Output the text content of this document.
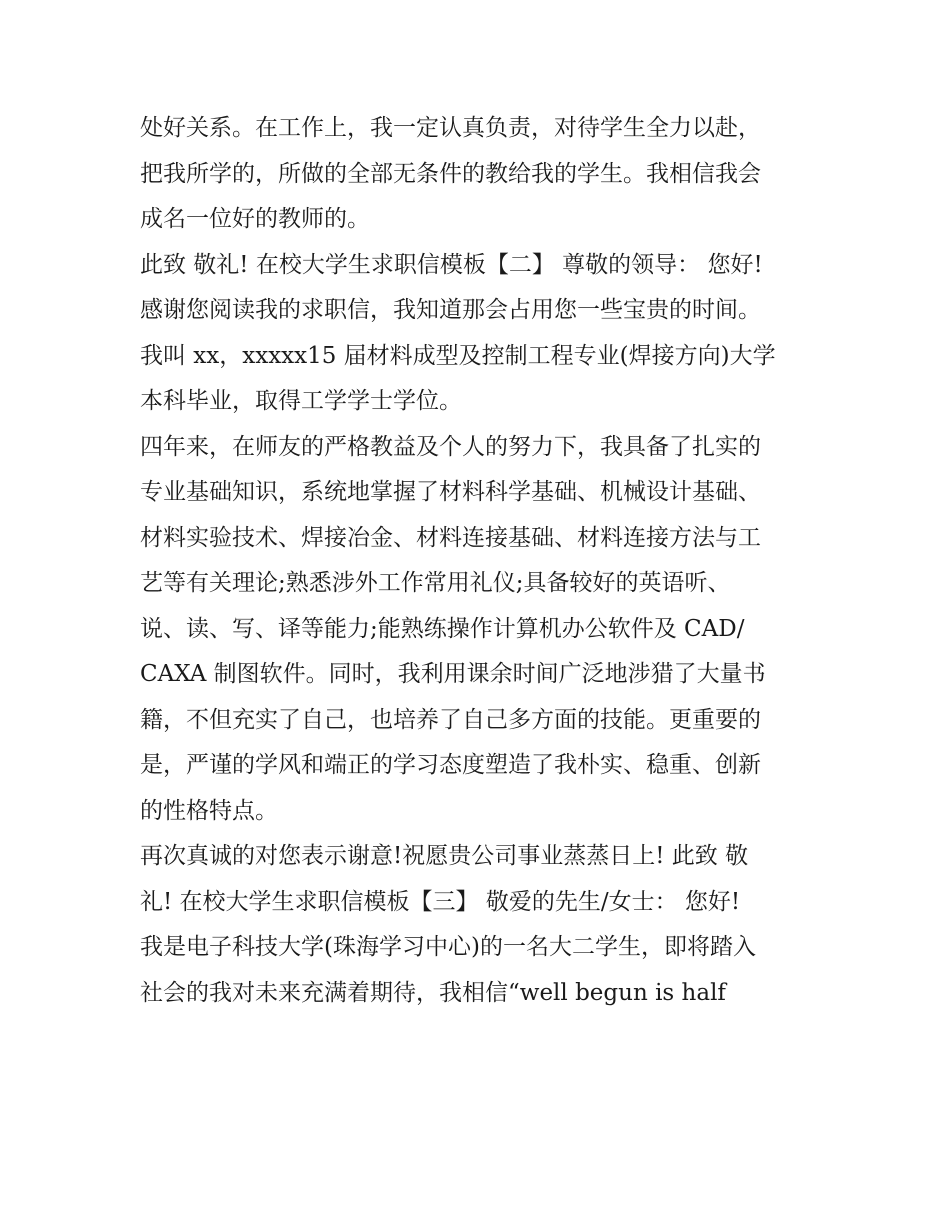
处好关系。在工作上，我一定认真负责，对待学生全力以赴，
把我所学的，所做的全部无条件的教给我的学生。我相信我会
成名一位好的教师的。
此致 敬礼! 在校大学生求职信模板【二】 尊敬的领导： 您好!
感谢您阅读我的求职信，我知道那会占用您一些宝贵的时间。
我叫 xx，xxxxx15 届材料成型及控制工程专业(焊接方向)大学
本科毕业，取得工学学士学位。
四年来，在师友的严格教益及个人的努力下，我具备了扎实的
专业基础知识，系统地掌握了材料科学基础、机械设计基础、
材料实验技术、焊接冶金、材料连接基础、材料连接方法与工
艺等有关理论;熟悉涉外工作常用礼仪;具备较好的英语听、
说、读、写、译等能力;能熟练操作计算机办公软件及 CAD/
CAXA 制图软件。同时，我利用课余时间广泛地涉猎了大量书
籍，不但充实了自己，也培养了自己多方面的技能。更重要的
是，严谨的学风和端正的学习态度塑造了我朴实、稳重、创新
的性格特点。
再次真诚的对您表示谢意!祝愿贵公司事业蒸蒸日上! 此致 敬
礼! 在校大学生求职信模板【三】 敬爱的先生/女士： 您好!
我是电子科技大学(珠海学习中心)的一名大二学生，即将踏入
社会的我对未来充满着期待，我相信“well begun is half
